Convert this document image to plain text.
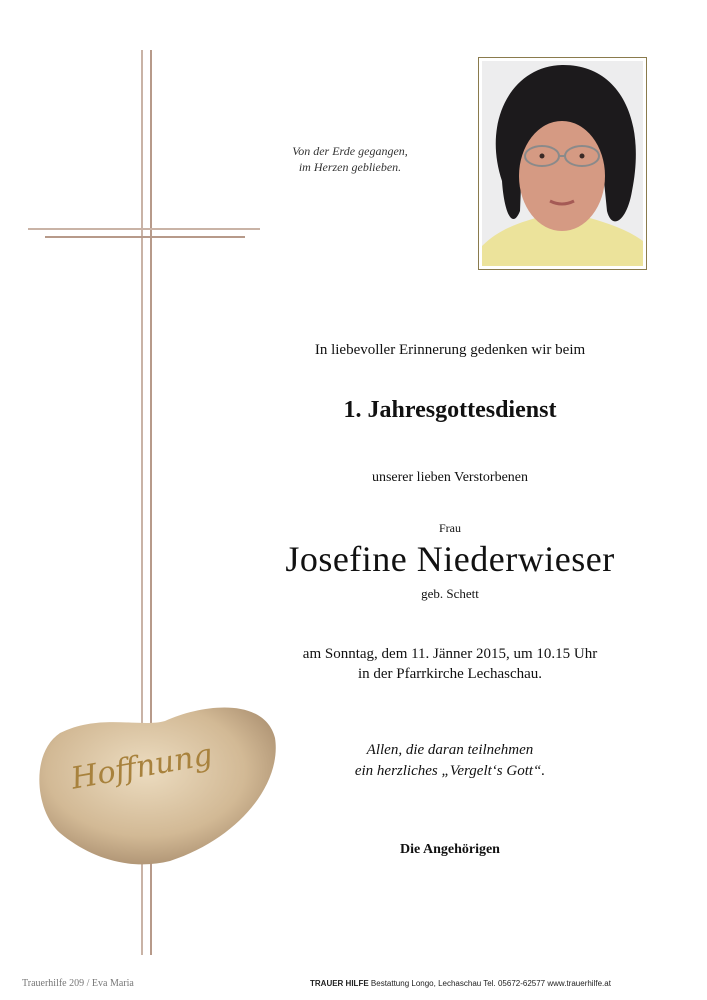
Von der Erde gegangen,
im Herzen geblieben.
In liebevoller Erinnerung gedenken wir beim
1. Jahresgottesdienst
unserer lieben Verstorbenen
Frau
Josefine Niederwieser
geb. Schett
am Sonntag, dem 11. Jänner 2015, um 10.15 Uhr
in der Pfarrkirche Lechaschau.
Allen, die daran teilnehmen
ein herzliches „Vergelt‘s Gott“.
Die Angehörigen
Hoffnung
Trauerhilfe 209 / Eva Maria	TRAUER HILFE Bestattung Longo, Lechaschau Tel. 05672-62577 www.trauerhilfe.at
